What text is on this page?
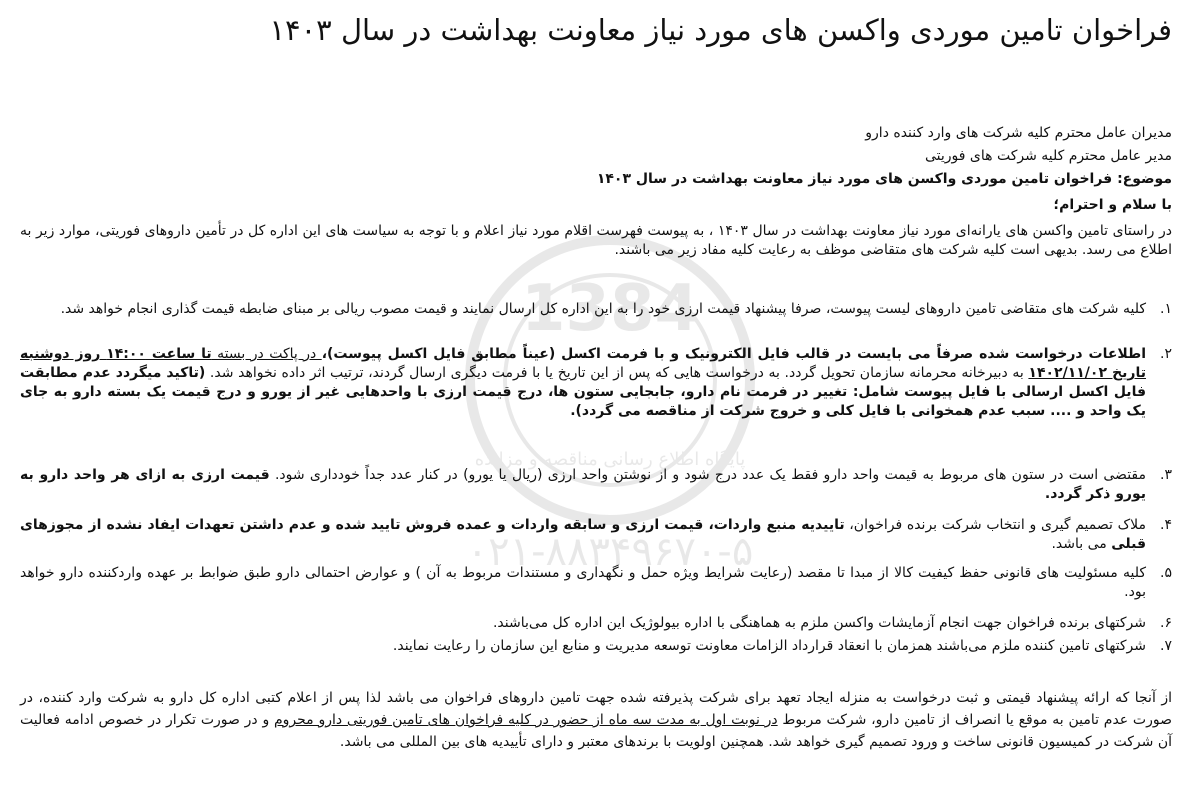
1384
پایگاه اطلاع رسانی مناقصه و مزایده
۰۲۱-۸۸۳۴۹۶۷۰-۵
فراخوان تامین موردی واکسن های مورد نیاز معاونت بهداشت در سال ۱۴۰۳
مدیران عامل محترم کلیه شرکت های وارد کننده دارو
مدیر عامل محترم کلیه شرکت های فوریتی
موضوع: فراخوان تامین موردی واکسن های مورد نیاز معاونت بهداشت در سال ۱۴۰۳
با سلام و احترام؛
در راستای تامین واکسن های یارانه‌ای مورد نیاز معاونت بهداشت در سال ۱۴۰۳ ، به پیوست فهرست اقلام مورد نیاز اعلام و با توجه به سیاست های این اداره کل در تأمین داروهای فوریتی، موارد زیر به اطلاع می رسد. بدیهی است کلیه شرکت های متقاضی موظف به رعایت کلیه مفاد زیر می باشند.
۱.
کلیه شرکت های متقاضی تامین داروهای لیست پیوست، صرفا پیشنهاد قیمت ارزی خود را به این اداره کل ارسال نمایند و قیمت مصوب ریالی بر مبنای ضابطه قیمت گذاری انجام خواهد شد.
۲.
اطلاعات درخواست شده صرفاً می بایست در قالب فایل الکترونیک و با فرمت اکسل (عیناً مطابق فایل اکسل پیوست)، در پاکت در بسته تا ساعت ۱۴:۰۰ روز دوشنبه تاریخ ۱۴۰۲/۱۱/۰۲ به دبیرخانه محرمانه سازمان تحویل گردد. به درخواست هایی که پس از این تاریخ یا با فرمت دیگری ارسال گردند، ترتیب اثر داده نخواهد شد. (تاکید میگردد عدم مطابقت فایل اکسل ارسالی با فایل پیوست شامل: تغییر در فرمت نام دارو، جابجایی ستون ها، درج قیمت ارزی با واحدهایی غیر از یورو و درج قیمت یک بسته دارو به جای یک واحد و .... سبب عدم همخوانی با فایل کلی و خروج شرکت از مناقصه می گردد).
۳.
مقتضی است در ستون های مربوط به قیمت واحد دارو فقط یک عدد درج شود و از نوشتن واحد ارزی (ریال یا یورو) در کنار عدد جداً خودداری شود. قیمت ارزی به ازای هر واحد دارو به یورو ذکر گردد.
۴.
ملاک تصمیم گیری و انتخاب شرکت برنده فراخوان، تاییدیه منبع واردات، قیمت ارزی و سابقه واردات و عمده فروش تایید شده و عدم داشتن تعهدات ایفاد نشده از مجوزهای قبلی می باشد.
۵.
کلیه مسئولیت های قانونی حفظ کیفیت کالا از مبدا تا مقصد (رعایت شرایط ویژه حمل و نگهداری و مستندات مربوط به آن ) و عوارض احتمالی دارو طبق ضوابط بر عهده واردکننده دارو خواهد بود.
۶.
شرکتهای برنده فراخوان جهت انجام آزمایشات واکسن ملزم به هماهنگی با اداره بیولوژیک این اداره کل می‌باشند.
۷.
شرکتهای تامین کننده ملزم می‌باشند همزمان با انعقاد قرارداد الزامات معاونت توسعه مدیریت و منابع این سازمان را رعایت نمایند.
از آنجا که ارائه پیشنهاد قیمتی و ثبت درخواست به منزله ایجاد تعهد برای شرکت پذیرفته شده جهت تامین داروهای فراخوان می باشد لذا پس از اعلام کتبی اداره کل دارو به شرکت وارد کننده، در صورت عدم تامین به موقع یا انصراف از تامین دارو، شرکت مربوط در نوبت اول به مدت سه ماه از حضور در کلیه فراخوان های تامین فوریتی دارو محروم و در صورت تکرار در خصوص ادامه فعالیت آن شرکت در کمیسیون قانونی ساخت و ورود تصمیم گیری خواهد شد. همچنین اولویت با برندهای معتبر و دارای تأییدیه های بین المللی می باشد.
